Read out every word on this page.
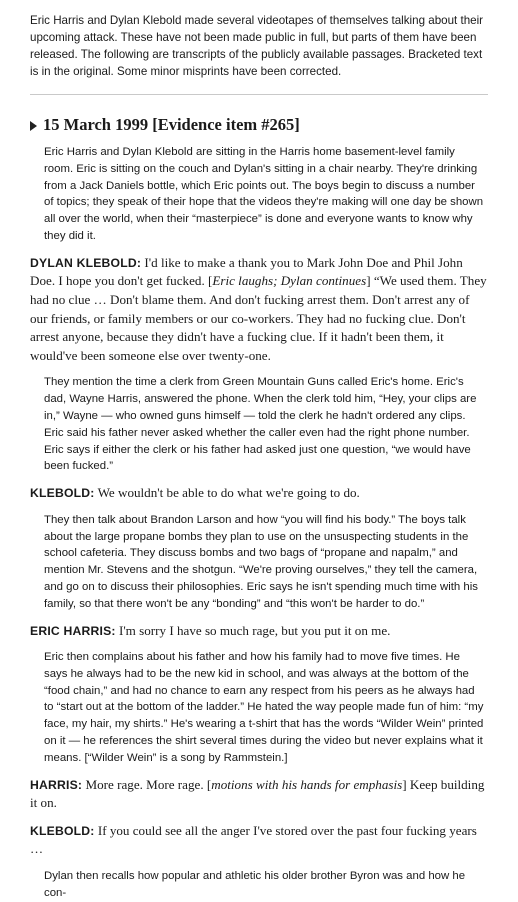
Eric Harris and Dylan Klebold made several videotapes of themselves talking about their upcoming attack. These have not been made public in full, but parts of them have been released. The following are transcripts of the publicly available passages. Bracketed text is in the original. Some minor misprints have been corrected.

15 March 1999 [Evidence item #265]

Eric Harris and Dylan Klebold are sitting in the Harris home basement-level family room. Eric is sitting on the couch and Dylan's sitting in a chair nearby. They're drinking from a Jack Daniels bottle, which Eric points out. The boys begin to discuss a number of topics; they speak of their hope that the videos they're making will one day be shown all over the world, when their “masterpiece” is done and everyone wants to know why they did it.

DYLAN KLEBOLD: I'd like to make a thank you to Mark John Doe and Phil John Doe. I hope you don't get fucked. [Eric laughs; Dylan continues] “We used them. They had no clue … Don't blame them. And don't fucking arrest them. Don't arrest any of our friends, or family members or our co-workers. They had no fucking clue. Don't arrest anyone, because they didn't have a fucking clue. If it hadn't been them, it would've been someone else over twenty-one.

They mention the time a clerk from Green Mountain Guns called Eric's home. Eric's dad, Wayne Harris, answered the phone. When the clerk told him, “Hey, your clips are in,” Wayne — who owned guns himself — told the clerk he hadn't ordered any clips. Eric said his father never asked whether the caller even had the right phone number. Eric says if either the clerk or his father had asked just one question, “we would have been fucked.”

KLEBOLD: We wouldn't be able to do what we're going to do.

They then talk about Brandon Larson and how “you will find his body.” The boys talk about the large propane bombs they plan to use on the unsuspecting students in the school cafeteria. They discuss bombs and two bags of “propane and napalm,” and mention Mr. Stevens and the shotgun. “We're proving ourselves,” they tell the camera, and go on to discuss their philosophies. Eric says he isn't spending much time with his family, so that there won't be any “bonding” and “this won't be harder to do.”

ERIC HARRIS: I'm sorry I have so much rage, but you put it on me.

Eric then complains about his father and how his family had to move five times. He says he always had to be the new kid in school, and was always at the bottom of the “food chain,” and had no chance to earn any respect from his peers as he always had to “start out at the bottom of the ladder.” He hated the way people made fun of him: “my face, my hair, my shirts.” He's wearing a t-shirt that has the words “Wilder Wein” printed on it — he references the shirt several times during the video but never explains what it means. [“Wilder Wein” is a song by Rammstein.]

HARRIS: More rage. More rage. [motions with his hands for emphasis] Keep building it on.

KLEBOLD: If you could see all the anger I've stored over the past four fucking years …

Dylan then recalls how popular and athletic his older brother Byron was and how he con-
